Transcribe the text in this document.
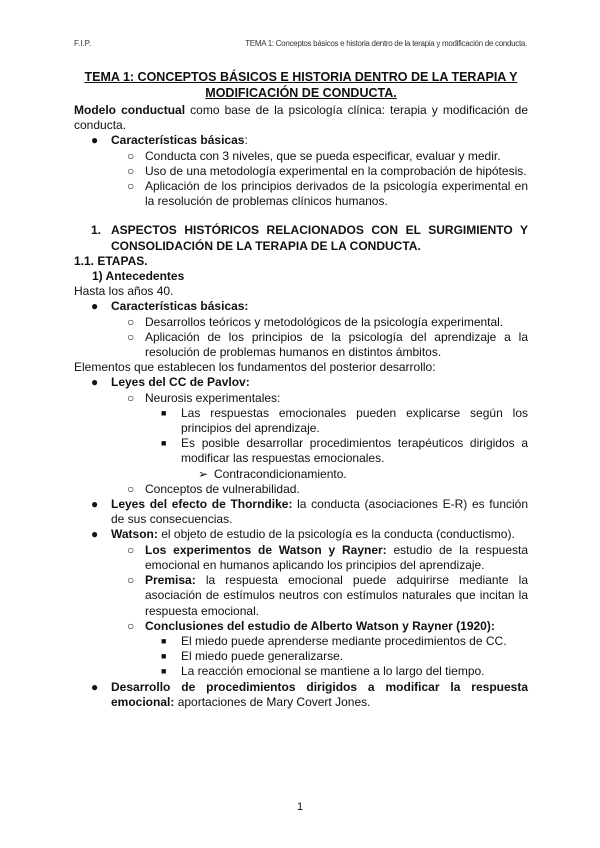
F.I.P.	TEMA 1: Conceptos básicos e historia dentro de la terapia y modificación de conducta.
TEMA 1: CONCEPTOS BÁSICOS E HISTORIA DENTRO DE LA TERAPIA Y MODIFICACIÓN DE CONDUCTA.
Modelo conductual como base de la psicología clínica: terapia y modificación de conducta.
● Características básicas:
○ Conducta con 3 niveles, que se pueda especificar, evaluar y medir.
○ Uso de una metodología experimental en la comprobación de hipótesis.
○ Aplicación de los principios derivados de la psicología experimental en la resolución de problemas clínicos humanos.
1. ASPECTOS HISTÓRICOS RELACIONADOS CON EL SURGIMIENTO Y CONSOLIDACIÓN DE LA TERAPIA DE LA CONDUCTA.
1.1. ETAPAS.
1) Antecedentes
Hasta los años 40.
● Características básicas:
○ Desarrollos teóricos y metodológicos de la psicología experimental.
○ Aplicación de los principios de la psicología del aprendizaje a la resolución de problemas humanos en distintos ámbitos.
Elementos que establecen los fundamentos del posterior desarrollo:
● Leyes del CC de Pavlov:
○ Neurosis experimentales:
■ Las respuestas emocionales pueden explicarse según los principios del aprendizaje.
■ Es posible desarrollar procedimientos terapéuticos dirigidos a modificar las respuestas emocionales.
➢ Contracondicionamiento.
○ Conceptos de vulnerabilidad.
● Leyes del efecto de Thorndike: la conducta (asociaciones E-R) es función de sus consecuencias.
● Watson: el objeto de estudio de la psicología es la conducta (conductismo).
○ Los experimentos de Watson y Rayner: estudio de la respuesta emocional en humanos aplicando los principios del aprendizaje.
○ Premisa: la respuesta emocional puede adquirirse mediante la asociación de estímulos neutros con estímulos naturales que incitan la respuesta emocional.
○ Conclusiones del estudio de Alberto Watson y Rayner (1920):
■ El miedo puede aprenderse mediante procedimientos de CC.
■ El miedo puede generalizarse.
■ La reacción emocional se mantiene a lo largo del tiempo.
● Desarrollo de procedimientos dirigidos a modificar la respuesta emocional: aportaciones de Mary Covert Jones.
1
